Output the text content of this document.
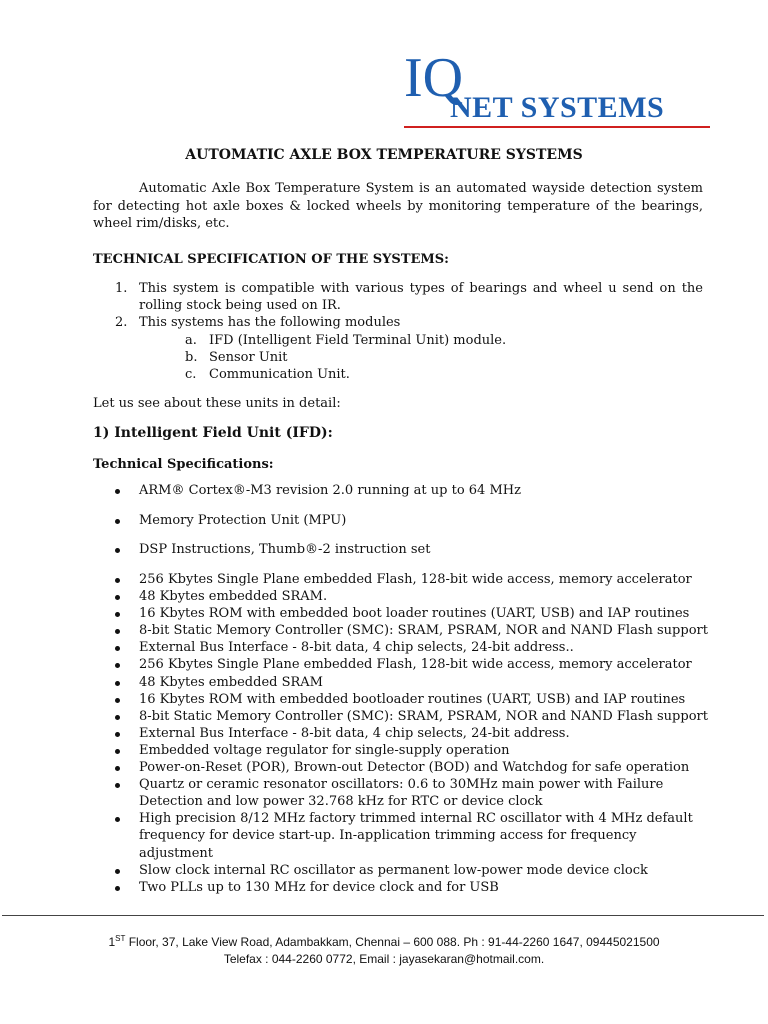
IQ
NET SYSTEMS
AUTOMATIC AXLE BOX TEMPERATURE SYSTEMS

Automatic Axle Box Temperature System is an automated wayside detection system for detecting hot axle boxes & locked wheels by monitoring temperature of the bearings, wheel rim/disks, etc.

TECHNICAL SPECIFICATION OF THE SYSTEMS:

1. This system is compatible with various types of bearings and wheel u send on the rolling stock being used on IR.
2. This systems has the following modules
a. IFD (Intelligent Field Terminal Unit) module.
b. Sensor Unit
c. Communication Unit.

Let us see about these units in detail:

1) Intelligent Field Unit (IFD):

Technical Specifications:

ARM® Cortex®-M3 revision 2.0 running at up to 64 MHz
Memory Protection Unit (MPU)
DSP Instructions, Thumb®-2 instruction set
256 Kbytes Single Plane embedded Flash, 128-bit wide access, memory accelerator
48 Kbytes embedded SRAM.
16 Kbytes ROM with embedded boot loader routines (UART, USB) and IAP routines
8-bit Static Memory Controller (SMC): SRAM, PSRAM, NOR and NAND Flash support
External Bus Interface - 8-bit data, 4 chip selects, 24-bit address..
256 Kbytes Single Plane embedded Flash, 128-bit wide access, memory accelerator
48 Kbytes embedded SRAM
16 Kbytes ROM with embedded bootloader routines (UART, USB) and IAP routines
8-bit Static Memory Controller (SMC): SRAM, PSRAM, NOR and NAND Flash support
External Bus Interface - 8-bit data, 4 chip selects, 24-bit address.
Embedded voltage regulator for single-supply operation
Power-on-Reset (POR), Brown-out Detector (BOD) and Watchdog for safe operation
Quartz or ceramic resonator oscillators: 0.6 to 30MHz main power with Failure Detection and low power 32.768 kHz for RTC or device clock
High precision 8/12 MHz factory trimmed internal RC oscillator with 4 MHz default frequency for device start-up. In-application trimming access for frequency adjustment
Slow clock internal RC oscillator as permanent low-power mode device clock
Two PLLs up to 130 MHz for device clock and for USB
1ST Floor, 37, Lake View Road, Adambakkam, Chennai – 600 088. Ph : 91-44-2260 1647, 09445021500
Telefax : 044-2260 0772, Email : jayasekaran@hotmail.com.
